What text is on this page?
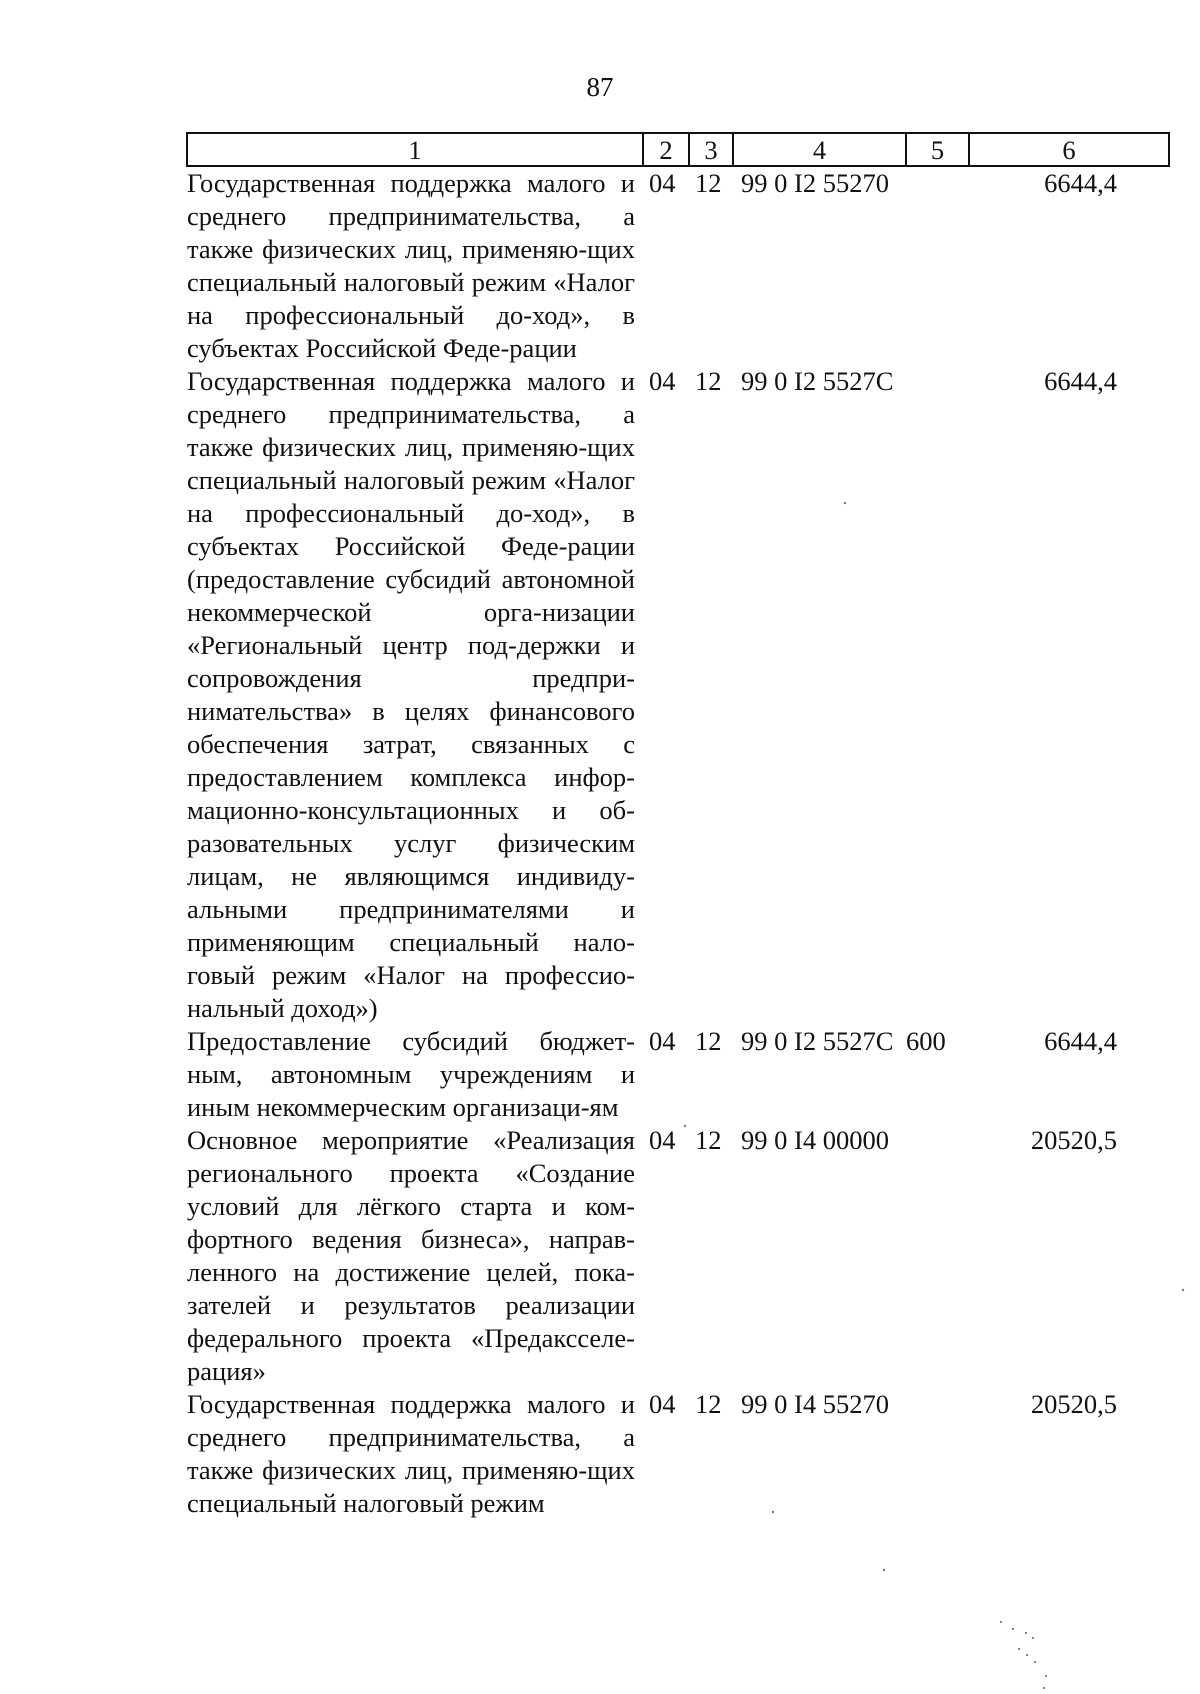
87
1	2	3	4	5	6
Государственная поддержка малого и среднего предпринимательства, а также физических лиц, применяю-щих специальный налоговый режим «Налог на профессиональный до-ход», в субъектах Российской Феде-рации	04	12	99 0 I2 55270		6644,4
Государственная поддержка малого и среднего предпринимательства, а также физических лиц, применяю-щих специальный налоговый режим «Налог на профессиональный до-ход», в субъектах Российской Феде-рации (предоставление субсидий автономной некоммерческой орга-низации «Региональный центр под-держки и сопровождения предпри-нимательства» в целях финансового обеспечения затрат, связанных с предоставлением комплекса инфор-мационно-консультационных и об-разовательных услуг физическим лицам, не являющимся индивиду-альными предпринимателями и применяющим специальный нало-говый режим «Налог на профессио-нальный доход»)	04	12	99 0 I2 5527C		6644,4
Предоставление субсидий бюджет-ным, автономным учреждениям и иным некоммерческим организаци-ям	04	12	99 0 I2 5527C	600	6644,4
Основное мероприятие «Реализация регионального проекта «Создание условий для лёгкого старта и ком-фортного ведения бизнеса», направ-ленного на достижение целей, пока-зателей и результатов реализации федерального проекта «Предаксселе-рация»	04	12	99 0 I4 00000		20520,5
Государственная поддержка малого и среднего предпринимательства, а также физических лиц, применяю-щих специальный налоговый режим	04	12	99 0 I4 55270		20520,5
